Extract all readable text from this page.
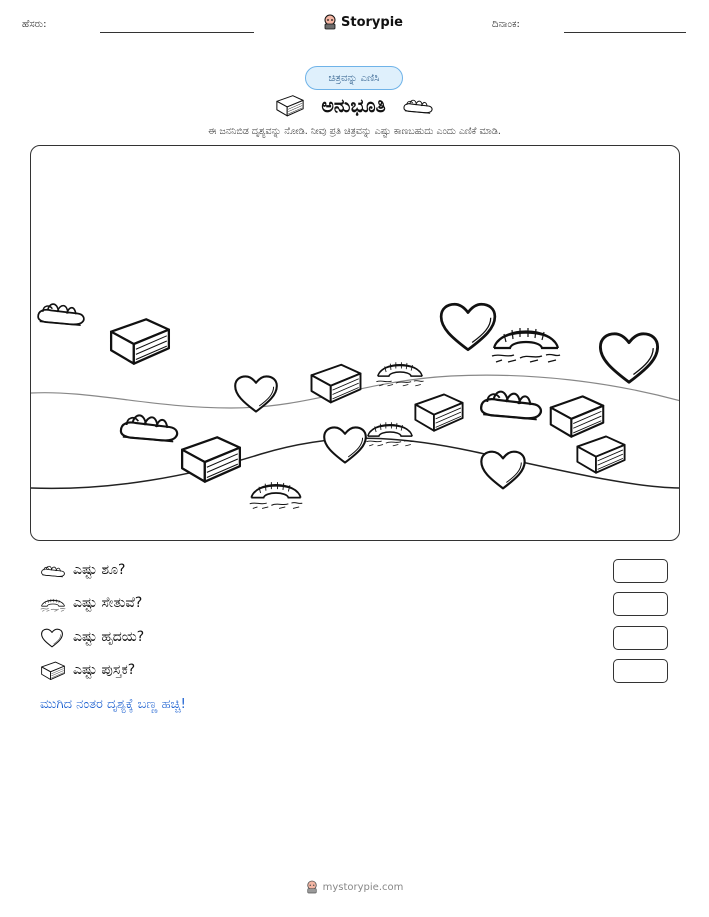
ಹೆಸರು:	Storypie	ದಿನಾಂಕ:
ಚಿತ್ರವನ್ನು ಎಣಿಸಿ
ಅನುಭೂತಿ
ಈ ಜನನಿಬಿಡ ದೃಶ್ಯವನ್ನು ನೋಡಿ. ನೀವು ಪ್ರತಿ ಚಿತ್ರವನ್ನು ಎಷ್ಟು ಕಾಣಬಹುದು ಎಂದು ಎಣಿಕೆ ಮಾಡಿ.
ಎಷ್ಟು ಶೂ?
ಎಷ್ಟು ಸೇತುವೆ?
ಎಷ್ಟು ಹೃದಯ?
ಎಷ್ಟು ಪುಸ್ತಕ?
ಮುಗಿದ ನಂತರ ದೃಶ್ಯಕ್ಕೆ ಬಣ್ಣ ಹಚ್ಚಿ!
mystorypie.com
